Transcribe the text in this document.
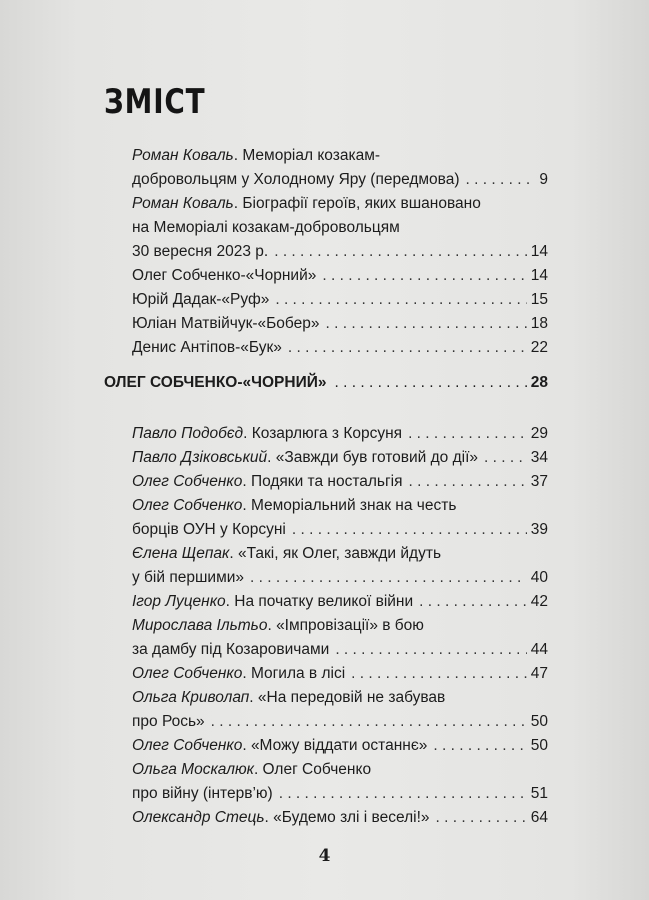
ЗМІСТ
Роман Коваль. Меморіал козакам-
добровольцям у Холодному Яру (передмова) . . .	9
Роман Коваль. Біографії героїв, яких вшановано
на Меморіалі козакам-добровольцям
30 вересня 2023 р. . . .	14
Олег Собченко-«Чорний» . . .	14
Юрій Дадак-«Руф» . . .	15
Юліан Матвійчук-«Бобер» . . .	18
Денис Антіпов-«Бук» . . .	22
ОЛЕГ СОБЧЕНКО-«ЧОРНИЙ» . . .	28
Павло Подобєд. Козарлюга з Корсуня . . .	29
Павло Дзіковський. «Завжди був готовий до дії» . . .	34
Олег Собченко. Подяки та ностальгія . . .	37
Олег Собченко. Меморіальний знак на честь
борців ОУН у Корсуні . . .	39
Єлена Щепак. «Такі, як Олег, завжди йдуть
у бій першими» . . .	40
Ігор Луценко. На початку великої війни . . .	42
Мирослава Ільтьо. «Імпровізації» в бою
за дамбу під Козаровичами . . .	44
Олег Собченко. Могила в лісі . . .	47
Ольга Криволап. «На передовій не забував
про Рось» . . .	50
Олег Собченко. «Можу віддати останнє» . . .	50
Ольга Москалюк. Олег Собченко
про війну (інтерв’ю) . . .	51
Олександр Стець. «Будемо злі і веселі!» . . .	64
4
